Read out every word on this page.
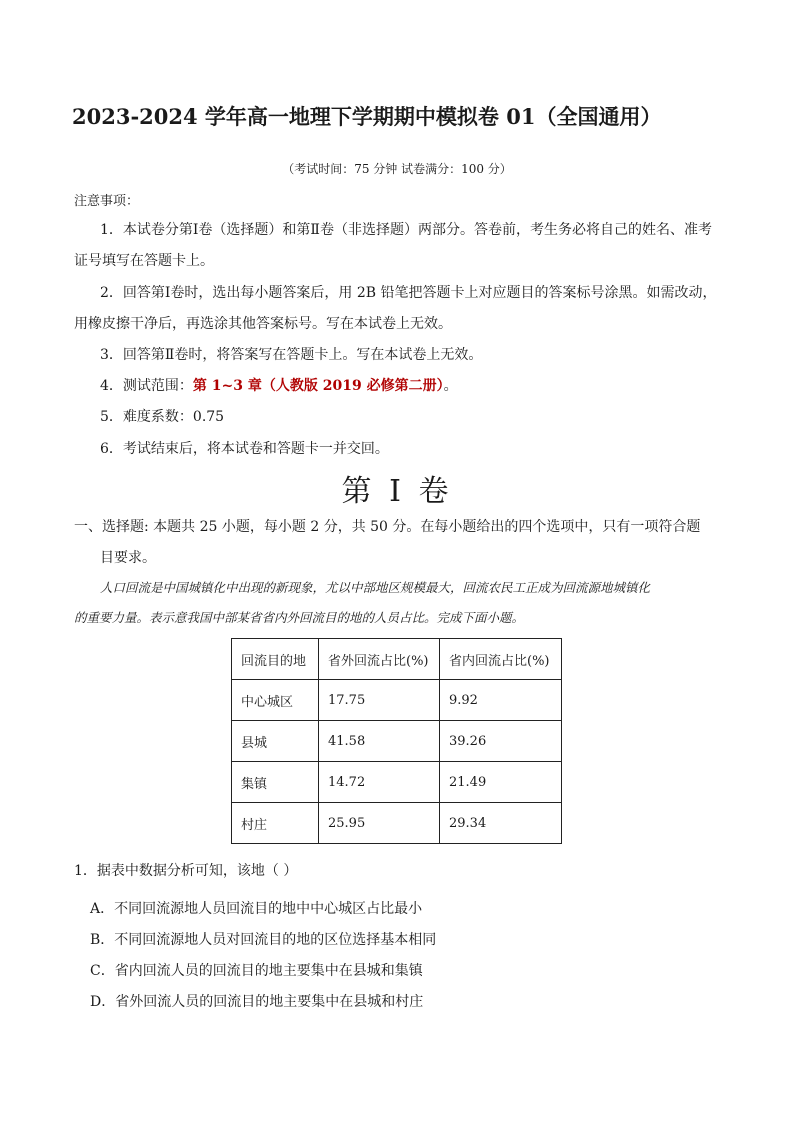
2023-2024 学年高一地理下学期期中模拟卷 01（全国通用）
（考试时间：75 分钟 试卷满分：100 分）
注意事项：
1．本试卷分第Ⅰ卷（选择题）和第Ⅱ卷（非选择题）两部分。答卷前，考生务必将自己的姓名、准考
证号填写在答题卡上。
2．回答第Ⅰ卷时，选出每小题答案后，用 2B 铅笔把答题卡上对应题目的答案标号涂黑。如需改动，
用橡皮擦干净后，再选涂其他答案标号。写在本试卷上无效。
3．回答第Ⅱ卷时，将答案写在答题卡上。写在本试卷上无效。
4．测试范围：第 1~3 章（人教版 2019 必修第二册）。
5．难度系数：0.75
6．考试结束后，将本试卷和答题卡一并交回。
第 I 卷
一、选择题: 本题共 25 小题，每小题 2 分，共 50 分。在每小题给出的四个选项中，只有一项符合题
目要求。
人口回流是中国城镇化中出现的新现象，尤以中部地区规模最大，回流农民工正成为回流源地城镇化
的重要力量。表示意我国中部某省省内外回流目的地的人员占比。完成下面小题。
回流目的地	省外回流占比(%)	省内回流占比(%)
中心城区	17.75	9.92
县城	41.58	39.26
集镇	14.72	21.49
村庄	25.95	29.34
1．据表中数据分析可知，该地（ ）
A．不同回流源地人员回流目的地中中心城区占比最小
B．不同回流源地人员对回流目的地的区位选择基本相同
C．省内回流人员的回流目的地主要集中在县城和集镇
D．省外回流人员的回流目的地主要集中在县城和村庄
